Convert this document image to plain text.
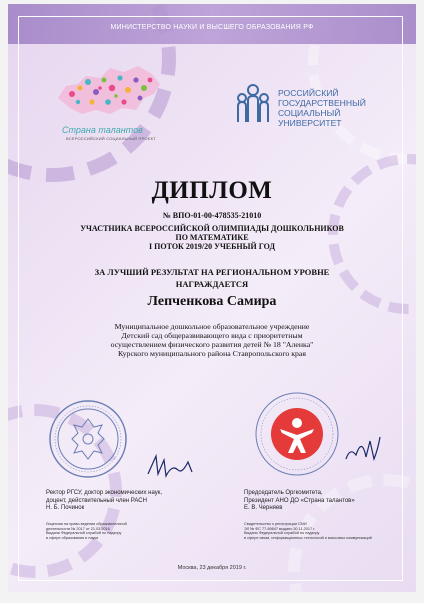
МИНИСТЕРСТВО НАУКИ И ВЫСШЕГО ОБРАЗОВАНИЯ РФ
Страна талантов
ВСЕРОССИЙСКИЙ СОЦИАЛЬНЫЙ ПРОЕКТ
РОССИЙСКИЙ
ГОСУДАРСТВЕННЫЙ
СОЦИАЛЬНЫЙ
УНИВЕРСИТЕТ
ДИПЛОМ
№ ВПО-01-00-478535-21010
УЧАСТНИКА ВСЕРОССИЙСКОЙ ОЛИМПИАДЫ ДОШКОЛЬНИКОВ
ПО МАТЕМАТИКЕ
I ПОТОК 2019/20 УЧЕБНЫЙ ГОД
ЗА ЛУЧШИЙ РЕЗУЛЬТАТ НА РЕГИОНАЛЬНОМ УРОВНЕ
НАГРАЖДАЕТСЯ
Лепченкова Самира
Муниципальное дошкольное образовательное учреждение
Детский сад общеразвивающего вида с приоритетным
осуществлением физического развития детей № 18 "Аленка"
Курского муниципального района Ставропольского края
Ректор РГСУ, доктор экономических наук,
доцент, действительный член РАСН
Н. Б. Починок
Председатель Оргкомитета,
Президент АНО ДО «Страна талантов»
Е. В. Черняев
Лицензия на право ведения образовательной
деятельности № 2017 от 21.03.2016
Выдана Федеральной службой по надзору
в сфере образования и науки
Свидетельство о регистрации СМИ
ЭЛ № ФС 77-69847 выдано 30.11.2017 г.
Выдано Федеральной службой по надзору
в сфере связи, информационных технологий и массовых коммуникаций
Москва, 23 декабря 2019 г.
